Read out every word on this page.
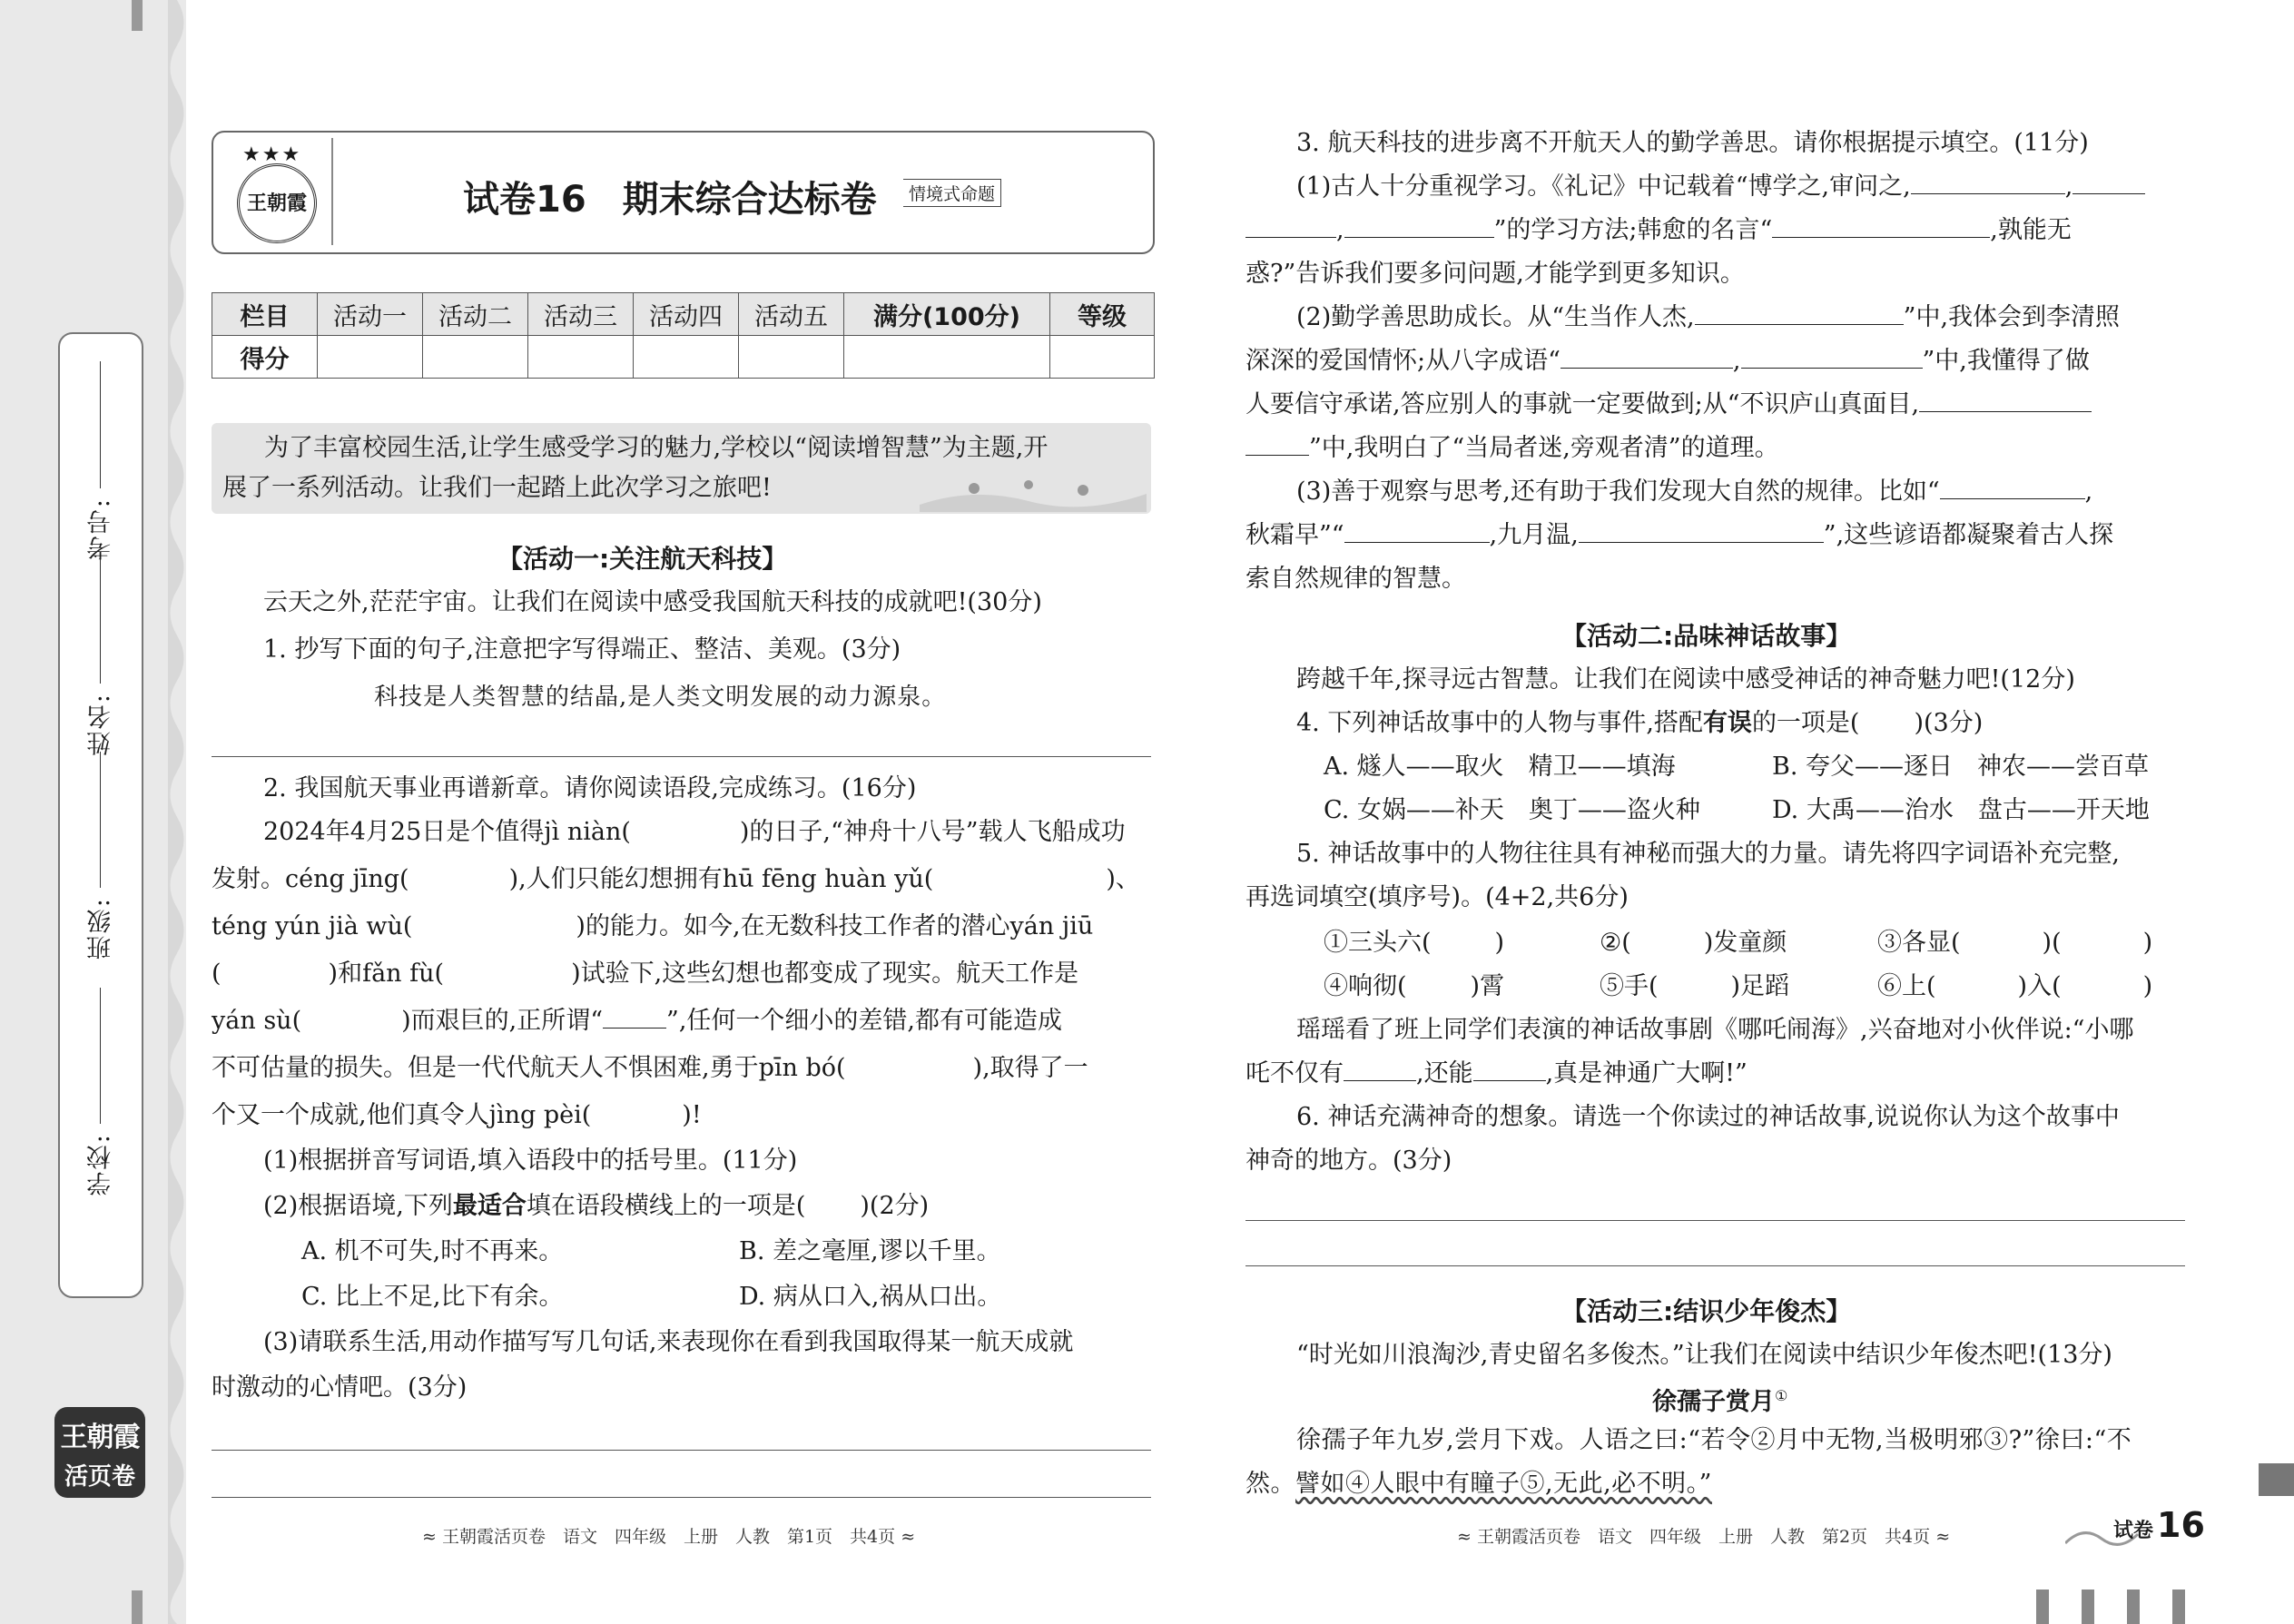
学校:
班级:
姓名:
考号:
王朝霞
活页卷
★★★
王朝霞	试卷16　期末综合达标卷	情境式命题
栏目	活动一	活动二	活动三	活动四	活动五	满分(100分)	等级
得分							
为了丰富校园生活,让学生感受学习的魅力,学校以“阅读增智慧”为主题,开
展了一系列活动。让我们一起踏上此次学习之旅吧!
【活动一:关注航天科技】
云天之外,茫茫宇宙。让我们在阅读中感受我国航天科技的成就吧!(30分)
1. 抄写下面的句子,注意把字写得端正、整洁、美观。(3分)
科技是人类智慧的结晶,是人类文明发展的动力源泉。
2. 我国航天事业再谱新章。请你阅读语段,完成练习。(16分)
2024年4月25日是个值得jì niàn(	)的日子,“神舟十八号”载人飞船成功
发射。céng jīng(	),人们只能幻想拥有hū fēng huàn yǔ(	)、
téng yún jià wù(	)的能力。如今,在无数科技工作者的潜心yán jiū
(	)和fǎn fù(	)试验下,这些幻想也都变成了现实。航天工作是
yán sù(	)而艰巨的,正所谓“	”,任何一个细小的差错,都有可能造成
不可估量的损失。但是一代代航天人不惧困难,勇于pīn bó(	),取得了一
个又一个成就,他们真令人jìng pèi(	)!
(1)根据拼音写词语,填入语段中的括号里。(11分)
(2)根据语境,下列最适合填在语段横线上的一项是( )(2分)
A. 机不可失,时不再来。	B. 差之毫厘,谬以千里。
C. 比上不足,比下有余。	D. 病从口入,祸从口出。
(3)请联系生活,用动作描写写几句话,来表现你在看到我国取得某一航天成就
时激动的心情吧。(3分)
≈ 王朝霞活页卷　语文　四年级　上册　人教　第1页　共4页 ≈
3. 航天科技的进步离不开航天人的勤学善思。请你根据提示填空。(11分)
(1)古人十分重视学习。《礼记》中记载着“博学之,审问之,	,
,	”的学习方法;韩愈的名言“	,孰能无
惑?”告诉我们要多问问题,才能学到更多知识。
(2)勤学善思助成长。从“生当作人杰,	”中,我体会到李清照
深深的爱国情怀;从八字成语“	,	”中,我懂得了做
人要信守承诺,答应别人的事就一定要做到;从“不识庐山真面目,
”中,我明白了“当局者迷,旁观者清”的道理。
(3)善于观察与思考,还有助于我们发现大自然的规律。比如“	,
秋霜早”“	,九月温,	”,这些谚语都凝聚着古人探
索自然规律的智慧。
【活动二:品味神话故事】
跨越千年,探寻远古智慧。让我们在阅读中感受神话的神奇魅力吧!(12分)
4. 下列神话故事中的人物与事件,搭配有误的一项是( )(3分)
A. 燧人——取火　精卫——填海	B. 夸父——逐日　神农——尝百草
C. 女娲——补天　奥丁——盗火种	D. 大禹——治水　盘古——开天地
5. 神话故事中的人物往往具有神秘而强大的力量。请先将四字词语补充完整,
再选词填空(填序号)。(4+2,共6分)
①三头六(	)	②(	)发童颜	③各显(	)(	)
④响彻(	)霄	⑤手(	)足蹈	⑥上(	)入(	)
瑶瑶看了班上同学们表演的神话故事剧《哪吒闹海》,兴奋地对小伙伴说:“小哪
吒不仅有	,还能	,真是神通广大啊!”
6. 神话充满神奇的想象。请选一个你读过的神话故事,说说你认为这个故事中
神奇的地方。(3分)
【活动三:结识少年俊杰】
“时光如川浪淘沙,青史留名多俊杰。”让我们在阅读中结识少年俊杰吧!(13分)
徐孺子赏月①
徐孺子年九岁,尝月下戏。人语之曰:“若令②月中无物,当极明邪③?”徐曰:“不
然。譬如④人眼中有瞳子⑤,无此,必不明。”
≈ 王朝霞活页卷　语文　四年级　上册　人教　第2页　共4页 ≈	试卷 16
